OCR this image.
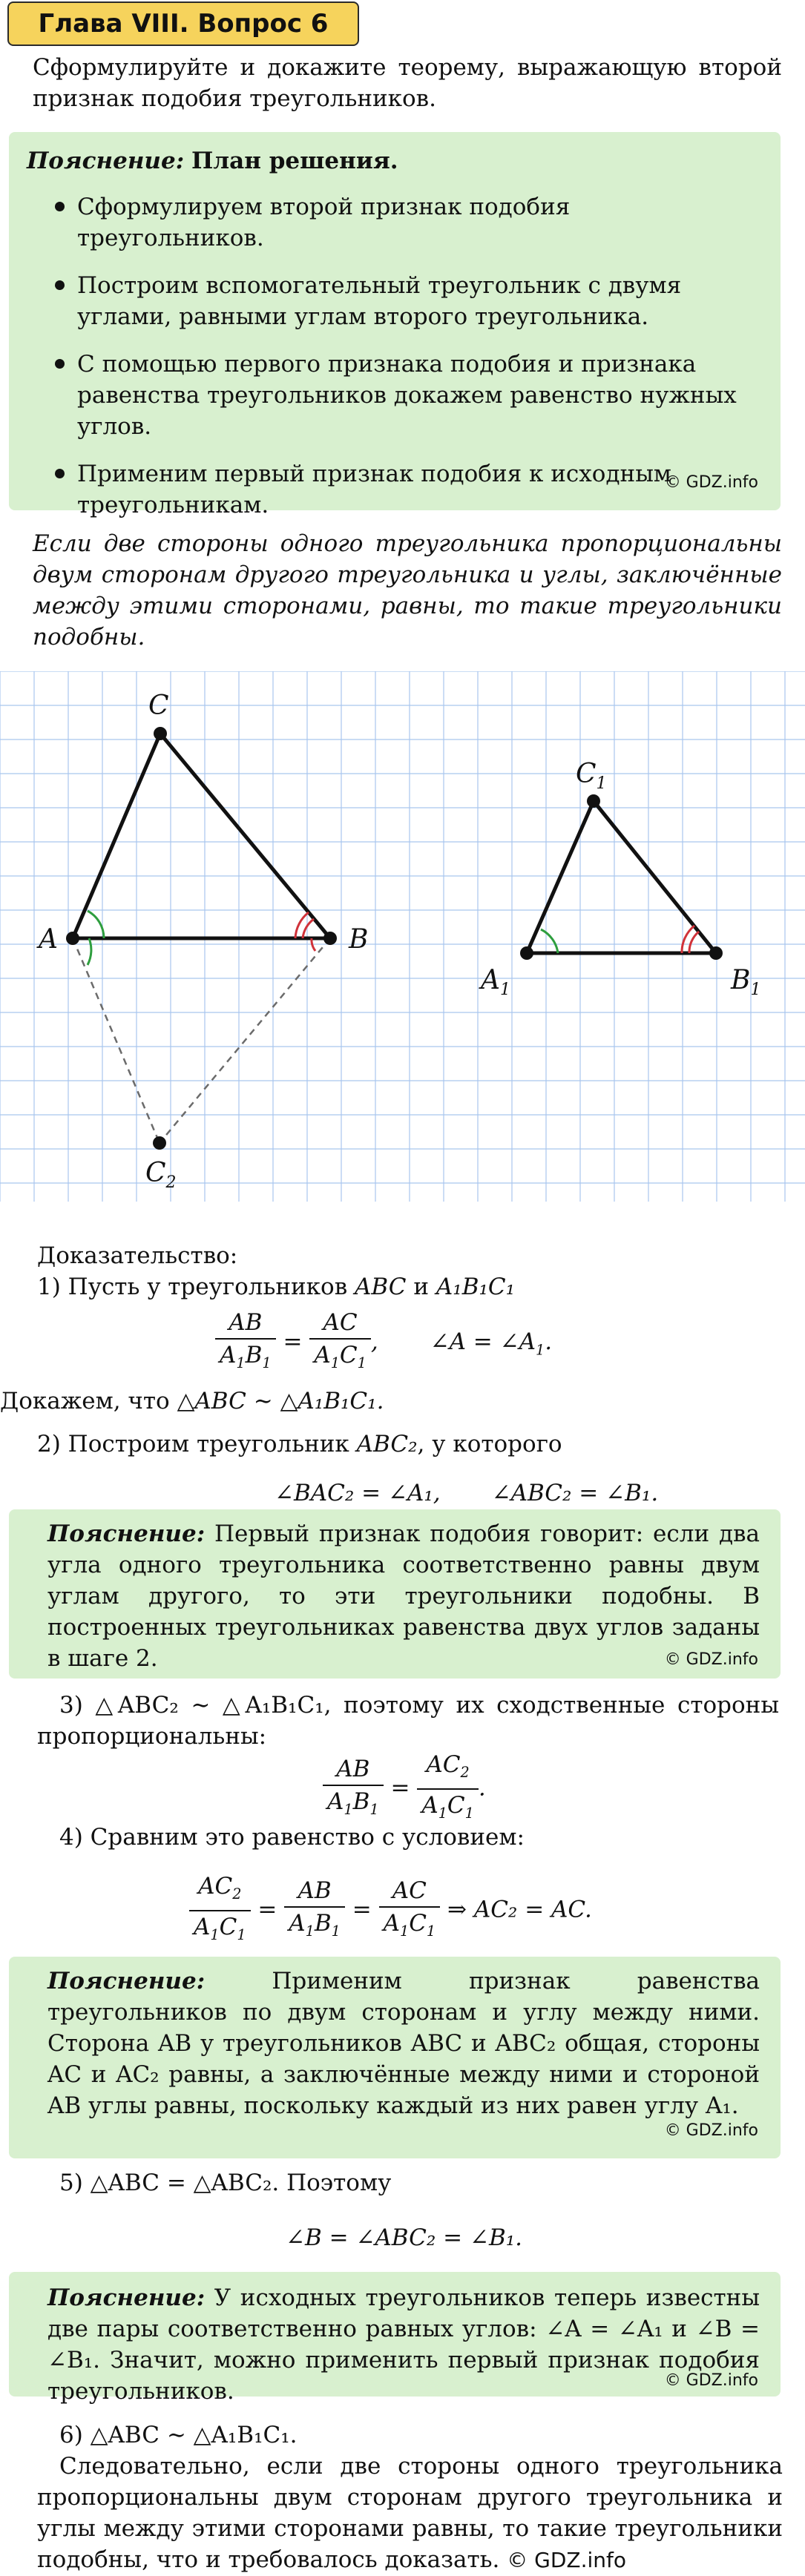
Глава VIII. Вопрос 6
Сформулируйте и докажите теорему, выражающую второй признак подобия треугольников.
Пояснение: План решения.
Сформулируем второй признак подобия треугольников.
Построим вспомогательный треугольник с двумя углами, равными углам второго треугольника.
С помощью первого признака подобия и признака равенства треугольников докажем равенство нужных углов.
Применим первый признак подобия к исходным треугольникам.
© GDZ.info
Если две стороны одного треугольника пропорциональны двум сторонам другого треугольника и углы, заключённые между этими сторонами, равны, то такие треугольники подобны.
A	B
C
$C_2$
$A_1$	$B_1$
$C_1$
Доказательство:
1) Пусть у треугольников ABC и A₁B₁C₁
$\frac{AB}{A_1B_1} = \frac{AC}{A_1C_1}$ , ∠A = $\angle A_1$.
Докажем, что △ABC ∼ △A₁B₁C₁.
2) Построим треугольник ABC₂, у которого
∠BAC₂ = ∠A₁,       ∠ABC₂ = ∠B₁.
Пояснение: Первый признак подобия говорит: если два угла одного треугольника соответственно равны двум углам другого, то эти треугольники подобны. В построенных треугольниках равенства двух углов заданы в шаге 2.	© GDZ.info
3) △ABC₂ ∼ △A₁B₁C₁, поэтому их сходственные стороны пропорциональны:
$\frac{AB}{A_1B_1} = \frac{AC_2}{A_1C_1}$ .
4) Сравним это равенство с условием:
$\frac{AC_2}{A_1C_1} = \frac{AB}{A_1B_1} = \frac{AC}{A_1C_1}$ ⇒ AC₂ = AC.
Пояснение:	Применим признак равенства треугольников по двум сторонам и углу между ними. Сторона AB у треугольников ABC и ABC₂ общая, стороны AC и AC₂ равны, а заключённые между ними и стороной AB углы равны, поскольку каждый из них равен углу A₁.
© GDZ.info
5) △ABC = △ABC₂. Поэтому
∠B = ∠ABC₂ = ∠B₁.
Пояснение: У исходных треугольников теперь известны две пары соответственно равных углов: ∠A = ∠A₁ и ∠B = ∠B₁. Значит, можно применить первый признак подобия треугольников.	© GDZ.info
6) △ABC ∼ △A₁B₁C₁.
Следовательно, если две стороны одного треугольника пропорциональны двум сторонам другого треугольника и углы между этими сторонами равны, то такие треугольники подобны, что и требовалось доказать. © GDZ.info
